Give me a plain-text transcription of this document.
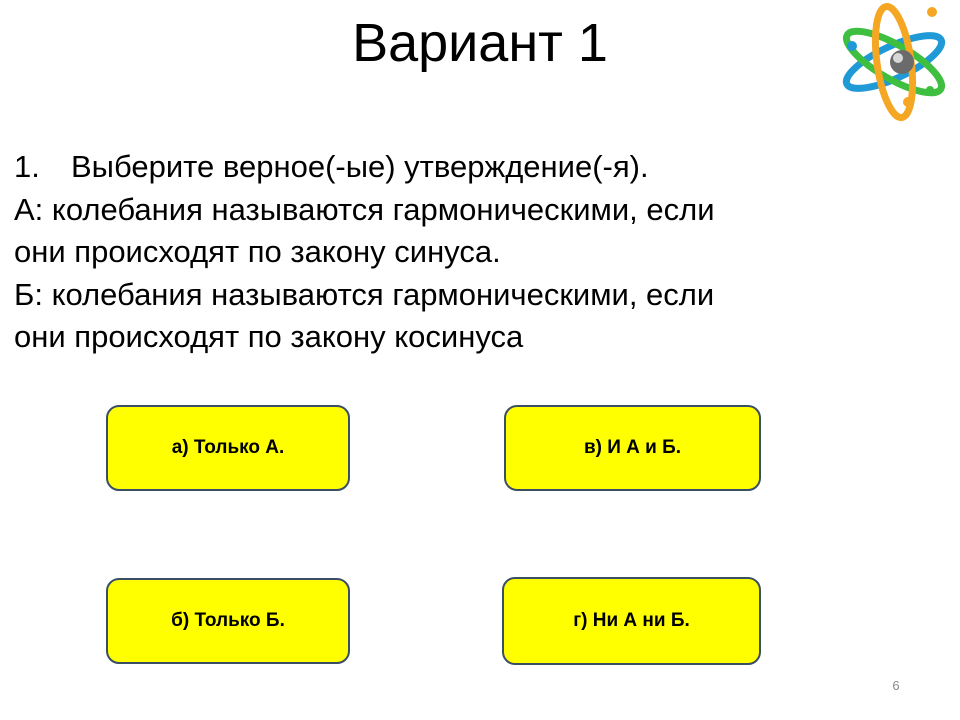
Вариант 1
1. Выберите верное(-ые) утверждение(-я).
А: колебания называются гармоническими, если
они происходят по закону синуса.
Б: колебания называются гармоническими, если
они происходят по закону косинуса
а) Только А.	в) И А и Б.
б) Только Б.	г) Ни А ни Б.
6
